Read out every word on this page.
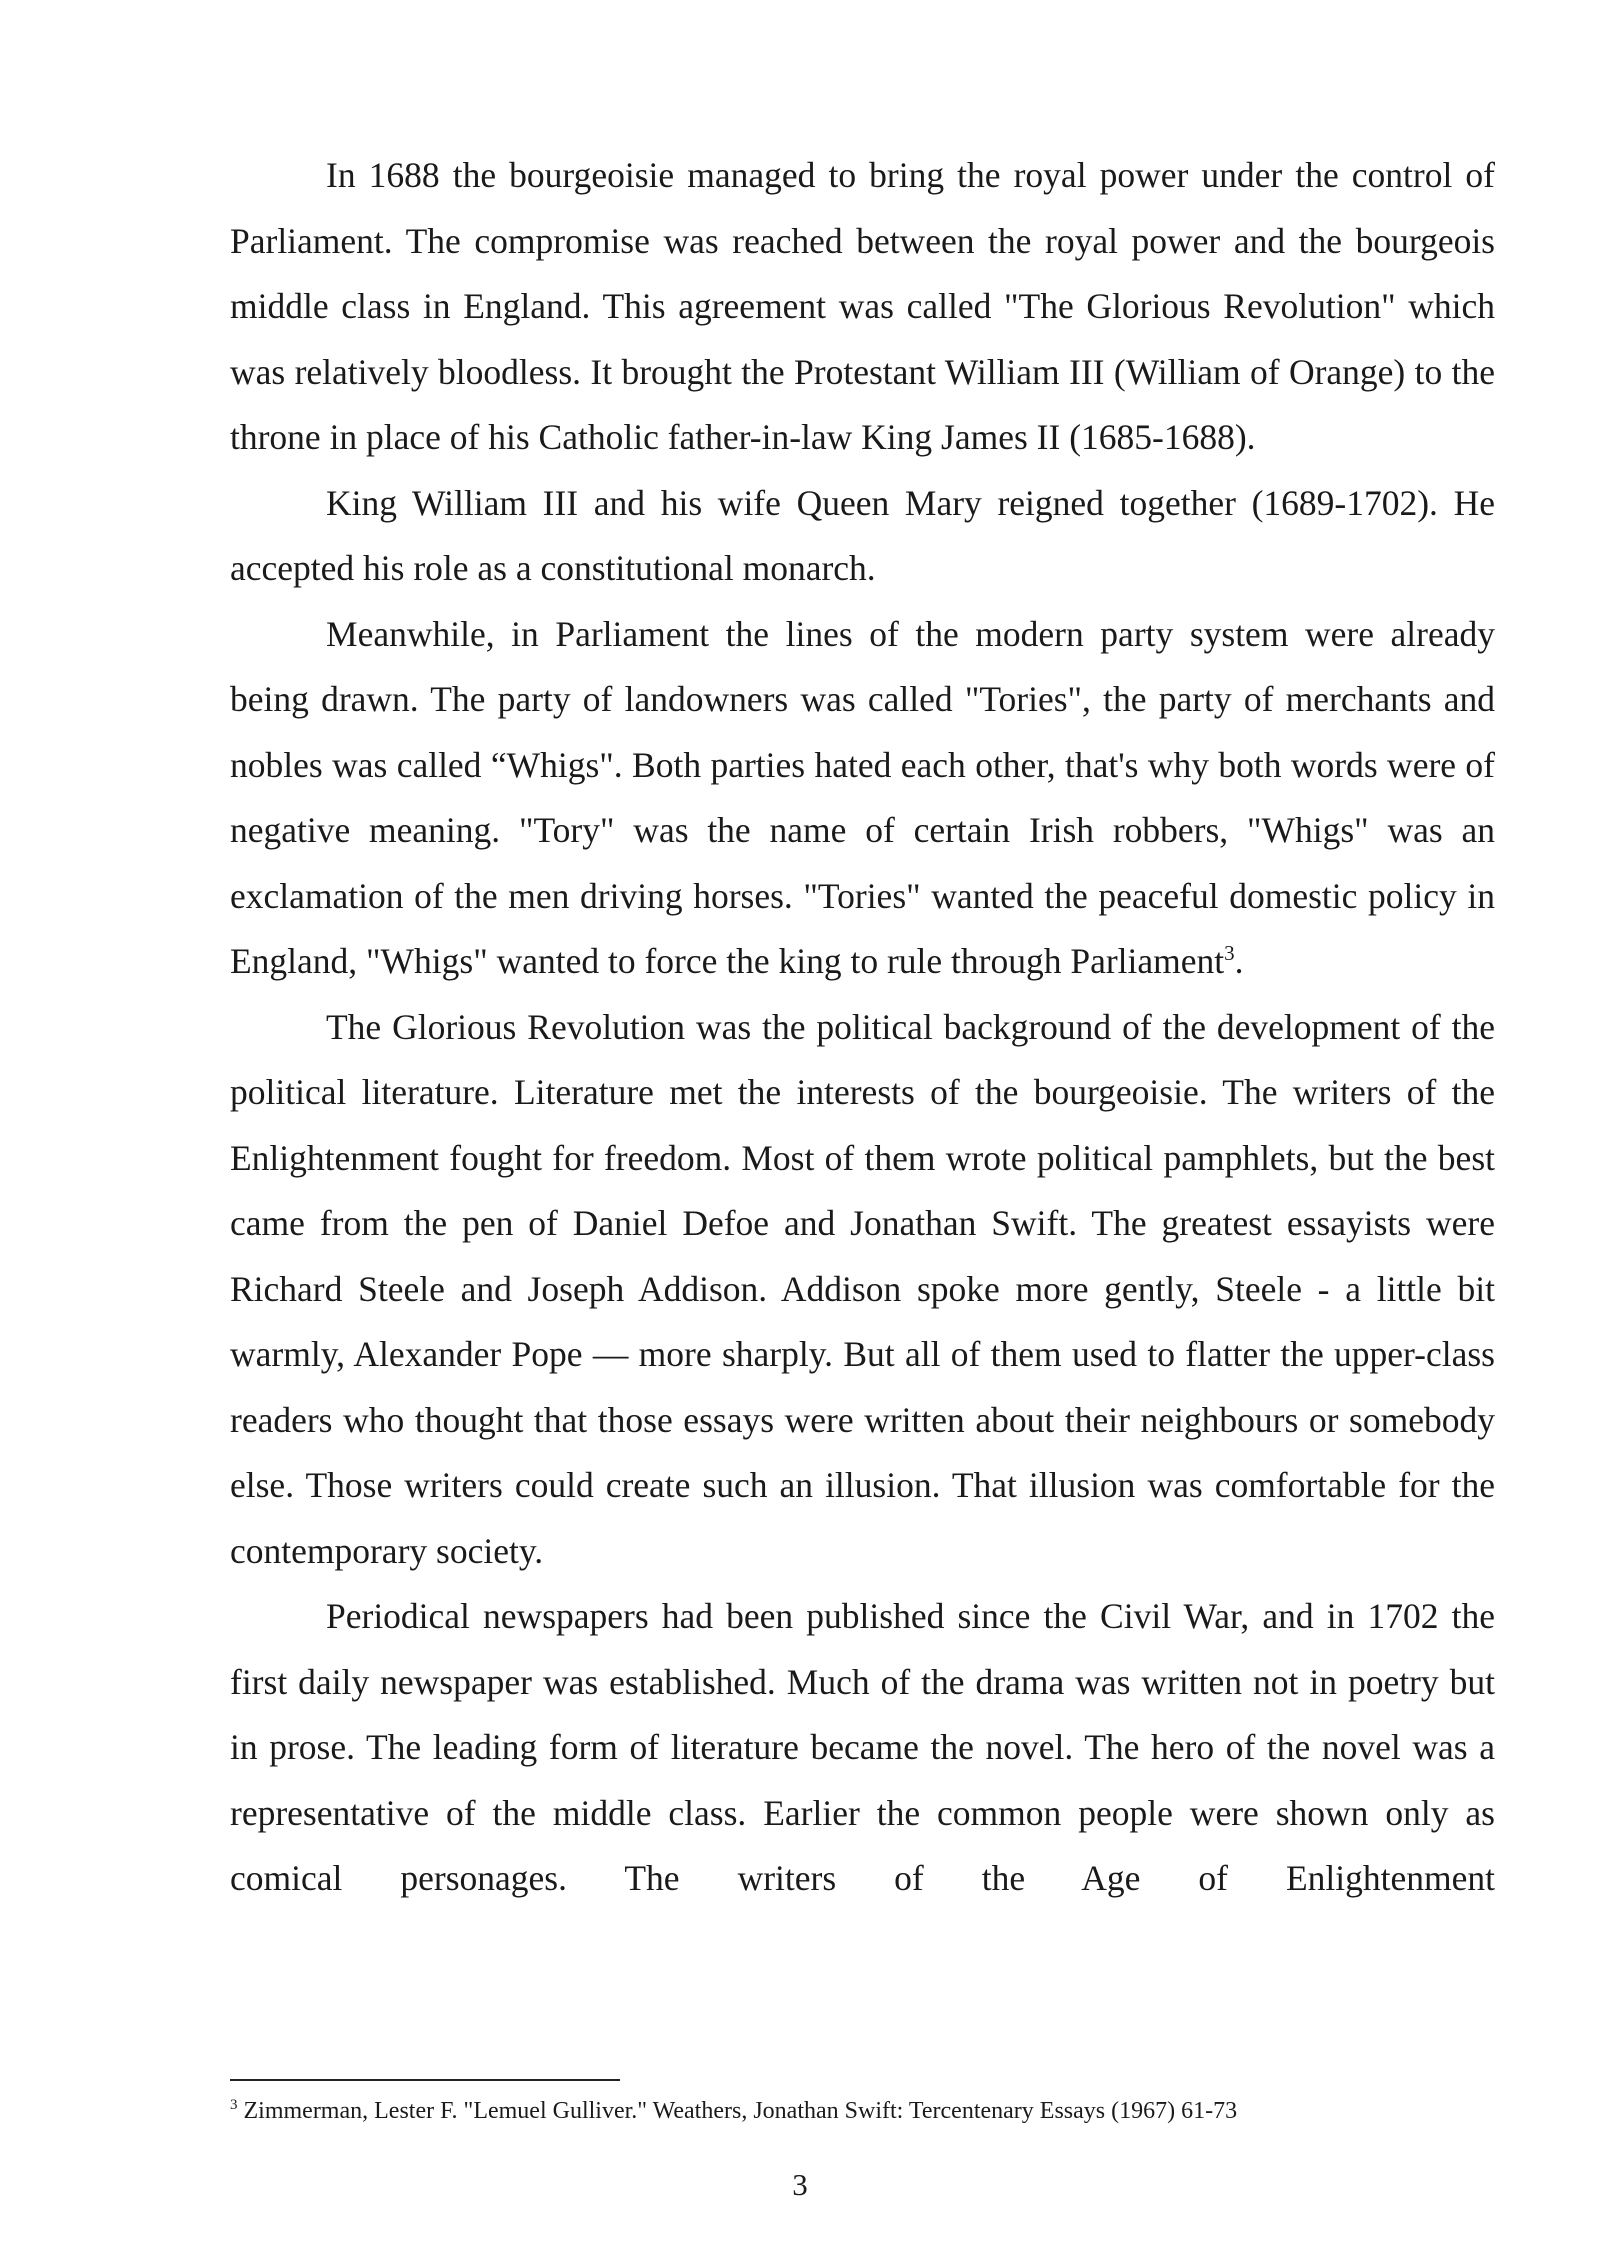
In 1688 the bourgeoisie managed to bring the royal power under the control of Parliament. The compromise was reached between the royal power and the bourgeois middle class in England. This agreement was called "The Glorious Revolution" which was relatively bloodless. It brought the Protestant William III (William of Orange) to the throne in place of his Catholic father-in-law King James II (1685-1688).

King William III and his wife Queen Mary reigned together (1689-1702). He accepted his role as a constitutional monarch.

Meanwhile, in Parliament the lines of the modern party system were already being drawn. The party of landowners was called "Tories", the party of merchants and nobles was called “Whigs". Both parties hated each other, that's why both words were of negative meaning. "Tory" was the name of certain Irish robbers, "Whigs" was an exclamation of the men driving horses. "Tories" wanted the peaceful domestic policy in England, "Whigs" wanted to force the king to rule through Parliament$^3$.

The Glorious Revolution was the political background of the development of the political literature. Literature met the interests of the bourgeoisie. The writers of the Enlightenment fought for freedom. Most of them wrote political pamphlets, but the best came from the pen of Daniel Defoe and Jonathan Swift. The greatest essayists were Richard Steele and Joseph Addison. Addison spoke more gently, Steele - a little bit warmly, Alexander Pope — more sharply. But all of them used to flatter the upper-class readers who thought that those essays were written about their neighbours or somebody else. Those writers could create such an illusion. That illusion was comfortable for the contemporary society.

Periodical newspapers had been published since the Civil War, and in 1702 the first daily newspaper was established. Much of the drama was written not in poetry but in prose. The leading form of literature became the novel. The hero of the novel was a representative of the middle class. Earlier the common people were shown only as comical personages. The writers of the Age of Enlightenment

$^3$ Zimmerman, Lester F. "Lemuel Gulliver." Weathers, Jonathan Swift: Tercentenary Essays (1967) 61-73
3
